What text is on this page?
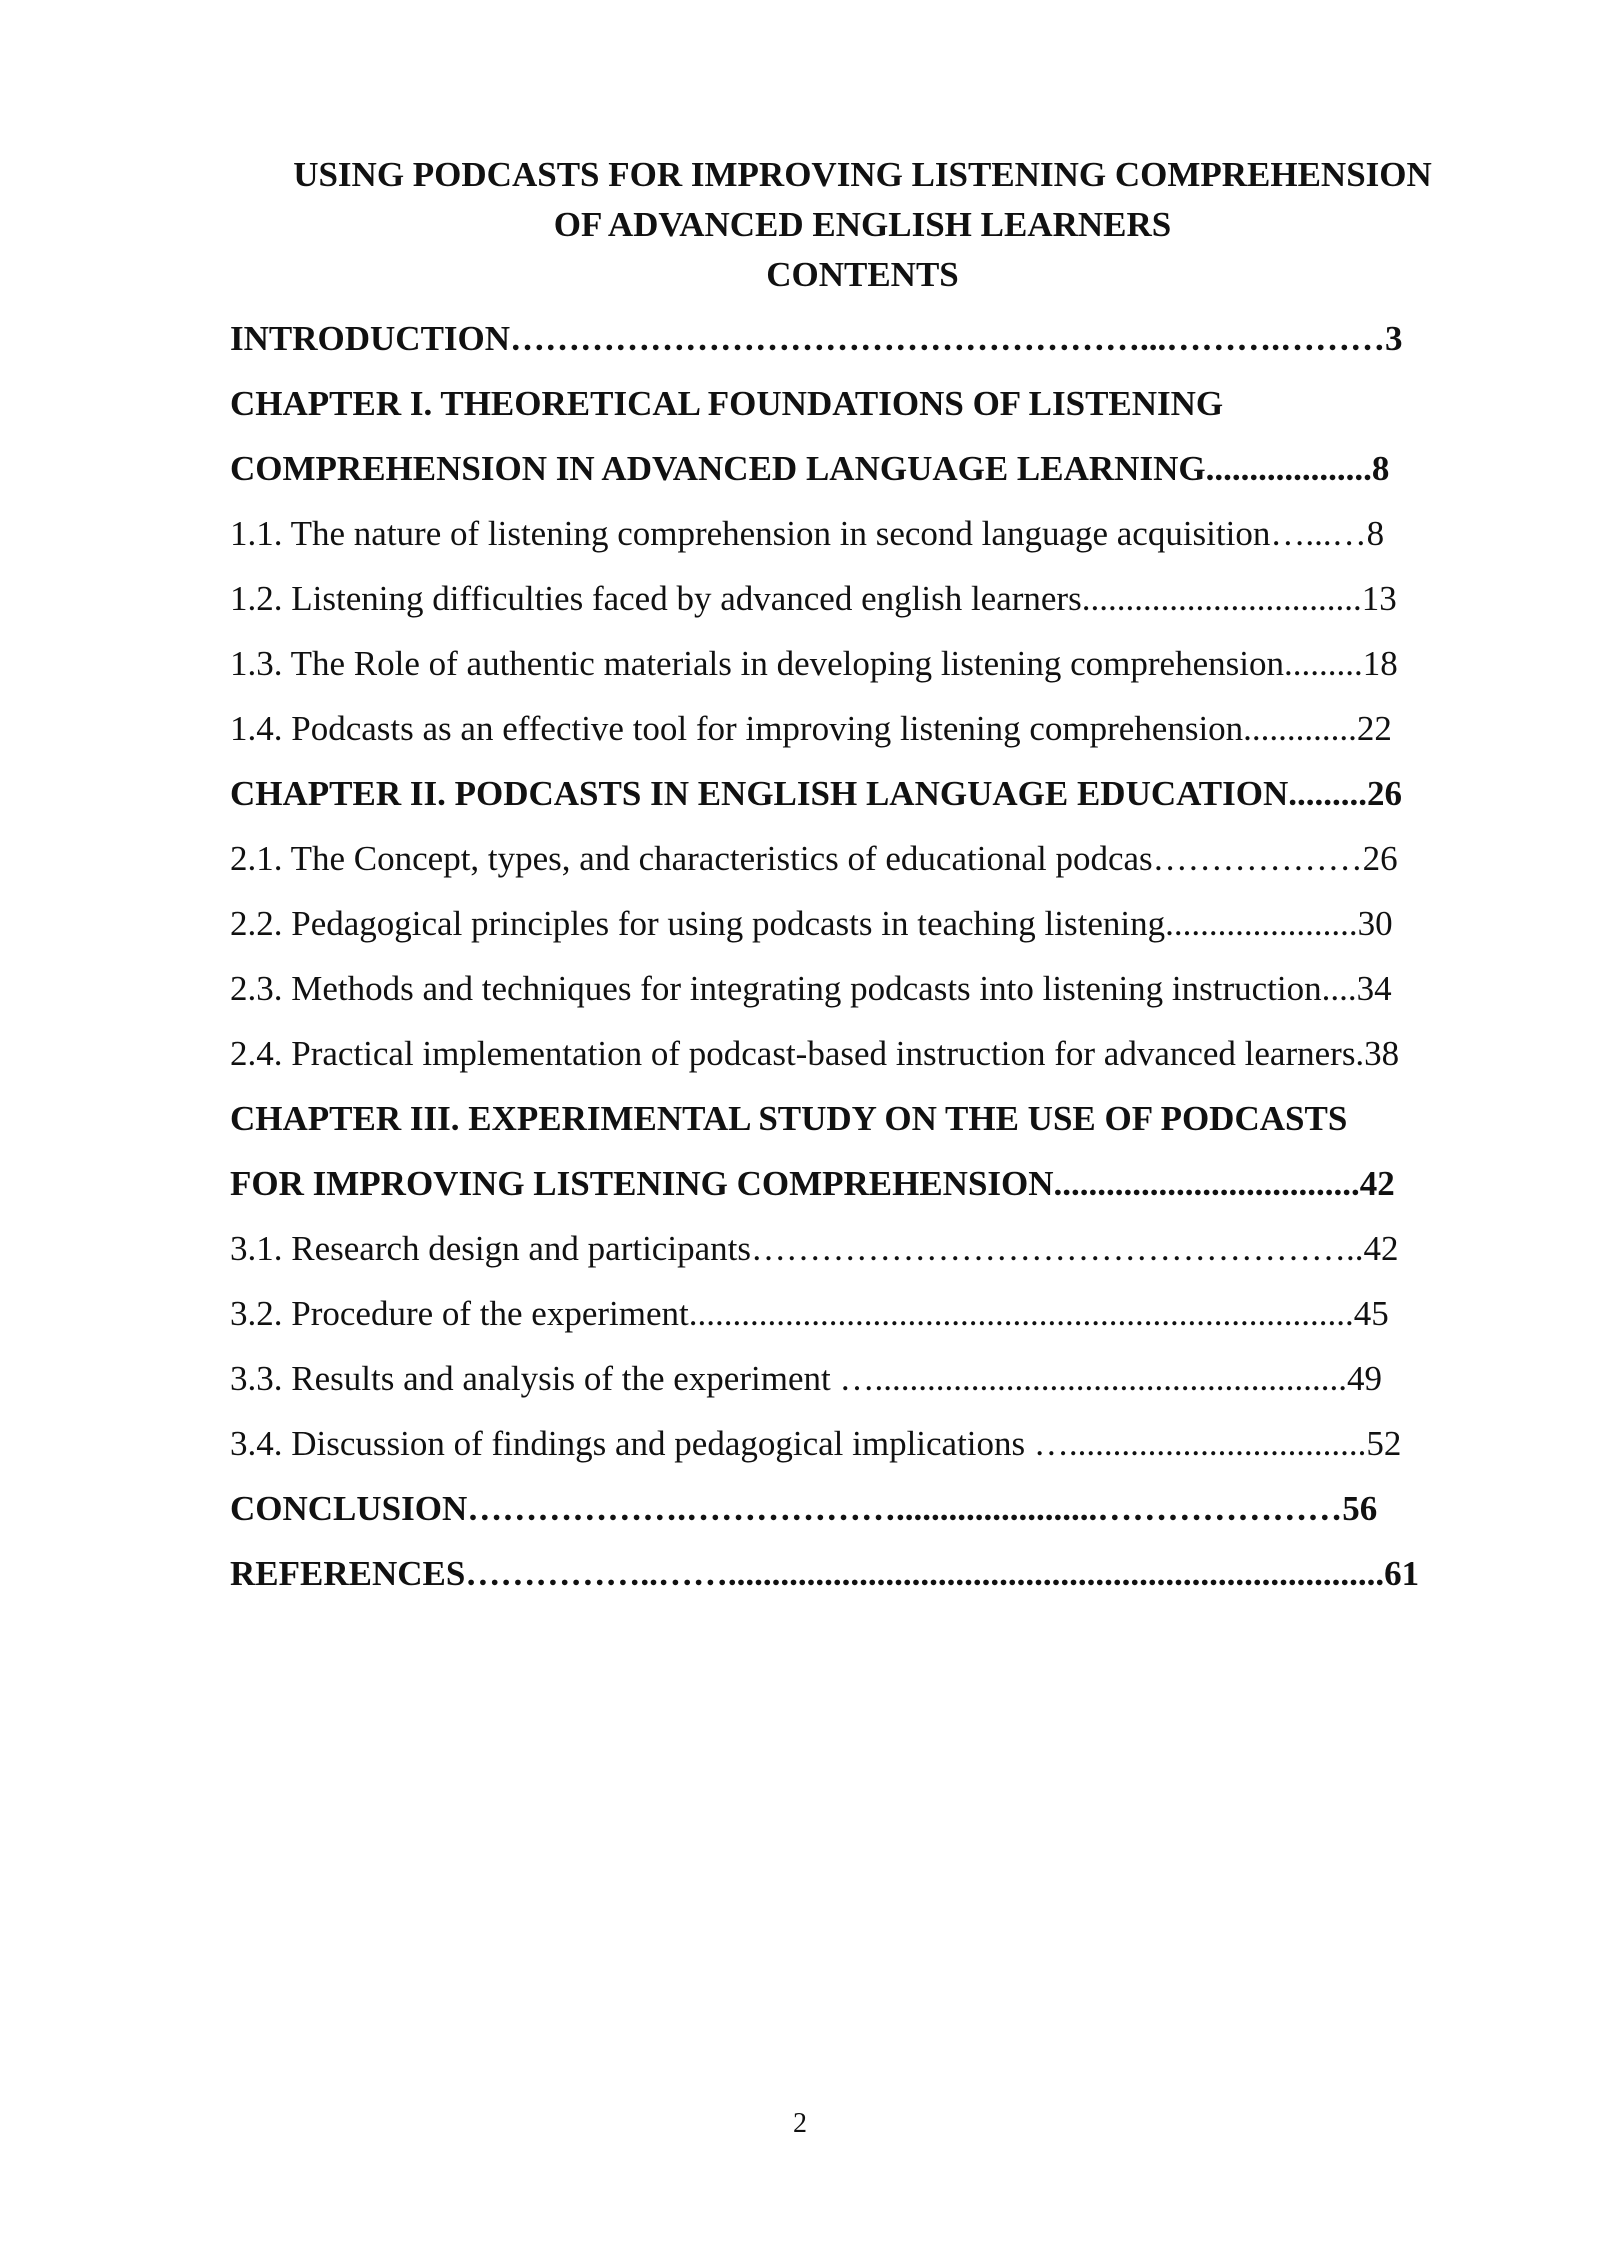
USING PODCASTS FOR IMPROVING LISTENING COMPREHENSION

OF ADVANCED ENGLISH LEARNERS

CONTENTS

INTRODUCTION………………………………………………...……….………3
CHAPTER I. THEORETICAL FOUNDATIONS OF LISTENING
COMPREHENSION IN ADVANCED LANGUAGE LEARNING...................8
1.1. The nature of listening comprehension in second language acquisition…...…8
1.2. Listening difficulties faced by advanced english learners................................13
1.3. The Role of authentic materials in developing listening comprehension.........18
1.4. Podcasts as an effective tool for improving listening comprehension.............22
CHAPTER II. PODCASTS IN ENGLISH LANGUAGE EDUCATION.........26
2.1. The Concept, types, and characteristics of educational podcas………………26
2.2. Pedagogical principles for using podcasts in teaching listening......................30
2.3. Methods and techniques for integrating podcasts into listening instruction....34
2.4. Practical implementation of podcast-based instruction for advanced learners.38
CHAPTER III. EXPERIMENTAL STUDY ON THE USE OF PODCASTS
FOR IMPROVING LISTENING COMPREHENSION...................................42
3.1. Research design and participants……………………………………………..42
3.2. Procedure of the experiment............................................................................45
3.3. Results and analysis of the experiment …......................................................49
3.4. Discussion of findings and pedagogical implications …..................................52
CONCLUSION……………….……………….......................…………………56
REFERENCES……………..……...........................................................................61
2
